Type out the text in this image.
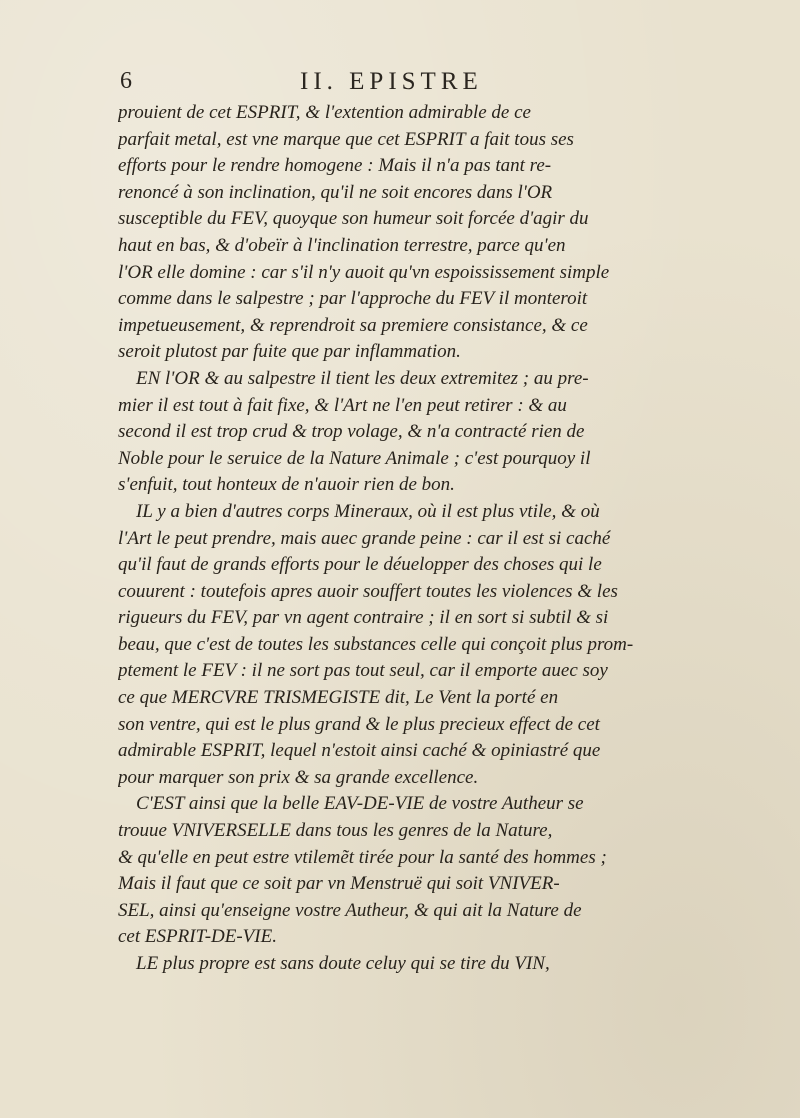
6	II. EPISTRE
prouient de cet ESPRIT, & l'extention admirable de ce
parfait metal, est vne marque que cet ESPRIT a fait tous ses
efforts pour le rendre homogene : Mais il n'a pas tant re-
renoncé à son inclination, qu'il ne soit encores dans l'OR
susceptible du FEV, quoyque son humeur soit forcée d'agir du
haut en bas, & d'obeïr à l'inclination terrestre, parce qu'en
l'OR elle domine : car s'il n'y auoit qu'vn espoississement simple
comme dans le salpestre ; par l'approche du FEV il monteroit
impetueusement, & reprendroit sa premiere consistance, & ce
seroit plutost par fuite que par inflammation.
EN l'OR & au salpestre il tient les deux extremitez ; au pre-
mier il est tout à fait fixe, & l'Art ne l'en peut retirer : & au
second il est trop crud & trop volage, & n'a contracté rien de
Noble pour le seruice de la Nature Animale ; c'est pourquoy il
s'enfuit, tout honteux de n'auoir rien de bon.
IL y a bien d'autres corps Mineraux, où il est plus vtile, & où
l'Art le peut prendre, mais auec grande peine : car il est si caché
qu'il faut de grands efforts pour le déuelopper des choses qui le
couurent : toutefois apres auoir souffert toutes les violences & les
rigueurs du FEV, par vn agent contraire ; il en sort si subtil & si
beau, que c'est de toutes les substances celle qui conçoit plus prom-
ptement le FEV : il ne sort pas tout seul, car il emporte auec soy
ce que MERCVRE TRISMEGISTE dit, Le Vent la porté en
son ventre, qui est le plus grand & le plus precieux effect de cet
admirable ESPRIT, lequel n'estoit ainsi caché & opiniastré que
pour marquer son prix & sa grande excellence.
C'EST ainsi que la belle EAV-DE-VIE de vostre Autheur se
trouue VNIVERSELLE dans tous les genres de la Nature,
& qu'elle en peut estre vtilemẽt tirée pour la santé des hommes ;
Mais il faut que ce soit par vn Menstruë qui soit VNIVER-
SEL, ainsi qu'enseigne vostre Autheur, & qui ait la Nature de
cet ESPRIT-DE-VIE.
LE plus propre est sans doute celuy qui se tire du VIN,
